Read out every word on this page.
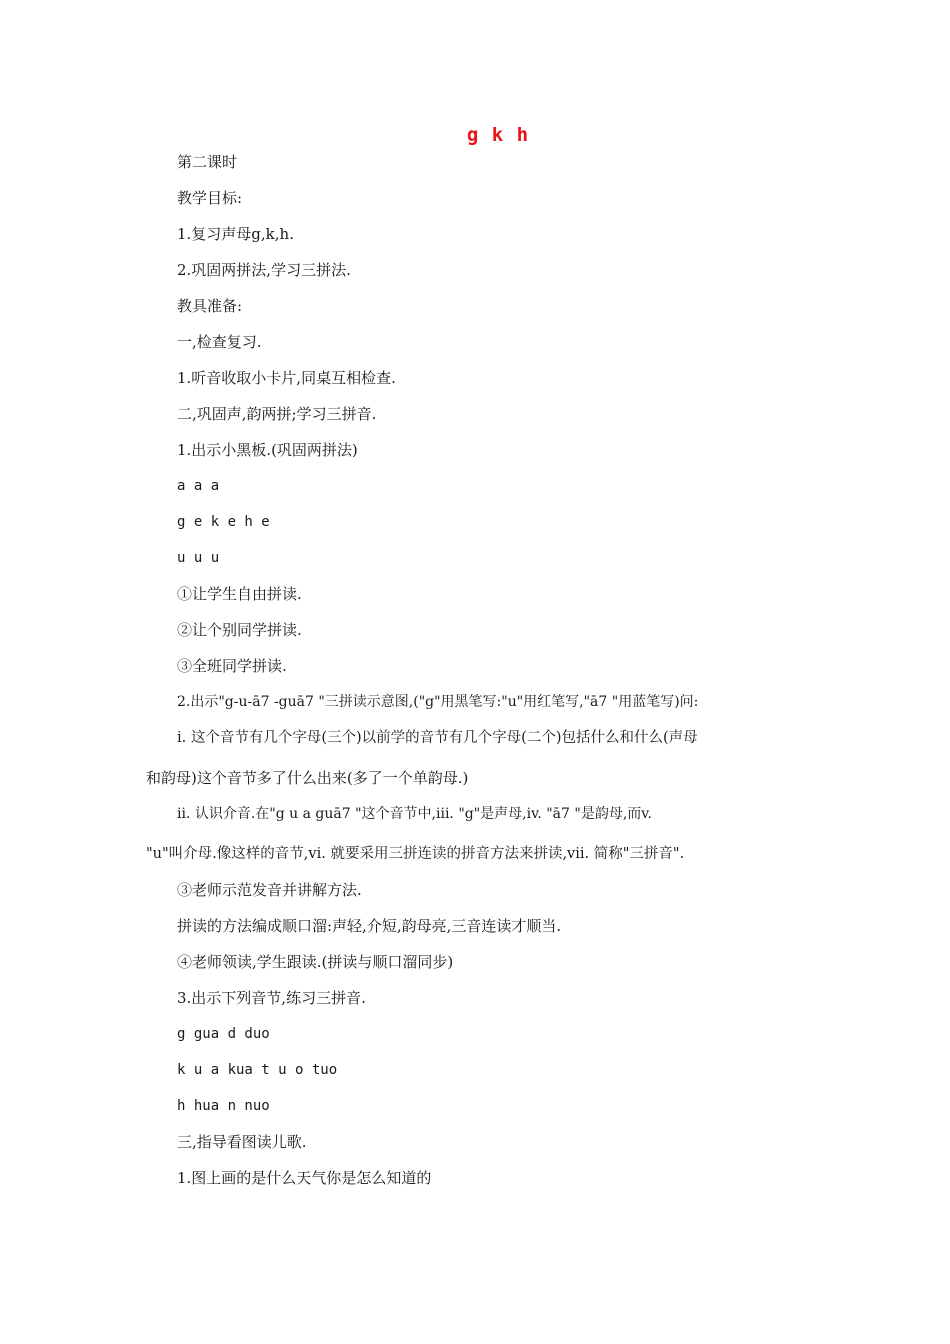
g k h
第二课时
教学目标:
1.复习声母g,k,h.
2.巩固两拼法,学习三拼法.
教具准备:
一,检查复习.
1.听音收取小卡片,同桌互相检查.
二,巩固声,韵两拼;学习三拼音.
1.出示小黑板.(巩固两拼法)
a a a
g e k e h e
u u u
①让学生自由拼读.
②让个别同学拼读.
③全班同学拼读.
2.出示"g-u-ā7 -guā7 "三拼读示意图,("g"用黑笔写:"u"用红笔写,"ā7 "用蓝笔写)问:
i. 这个音节有几个字母(三个)以前学的音节有几个字母(二个)包括什么和什么(声母
和韵母)这个音节多了什么出来(多了一个单韵母.)
ii. 认识介音.在"g u a guā7 "这个音节中,iii. "g"是声母,iv. "ā7 "是韵母,而v.
"u"叫介母.像这样的音节,vi. 就要采用三拼连读的拼音方法来拼读,vii. 简称"三拼音".
③老师示范发音并讲解方法.
拼读的方法编成顺口溜:声轻,介短,韵母亮,三音连读才顺当.
④老师领读,学生跟读.(拼读与顺口溜同步)
3.出示下列音节,练习三拼音.
g gua d duo
k u a kua t u o tuo
h hua n nuo
三,指导看图读儿歌.
1.图上画的是什么天气你是怎么知道的
